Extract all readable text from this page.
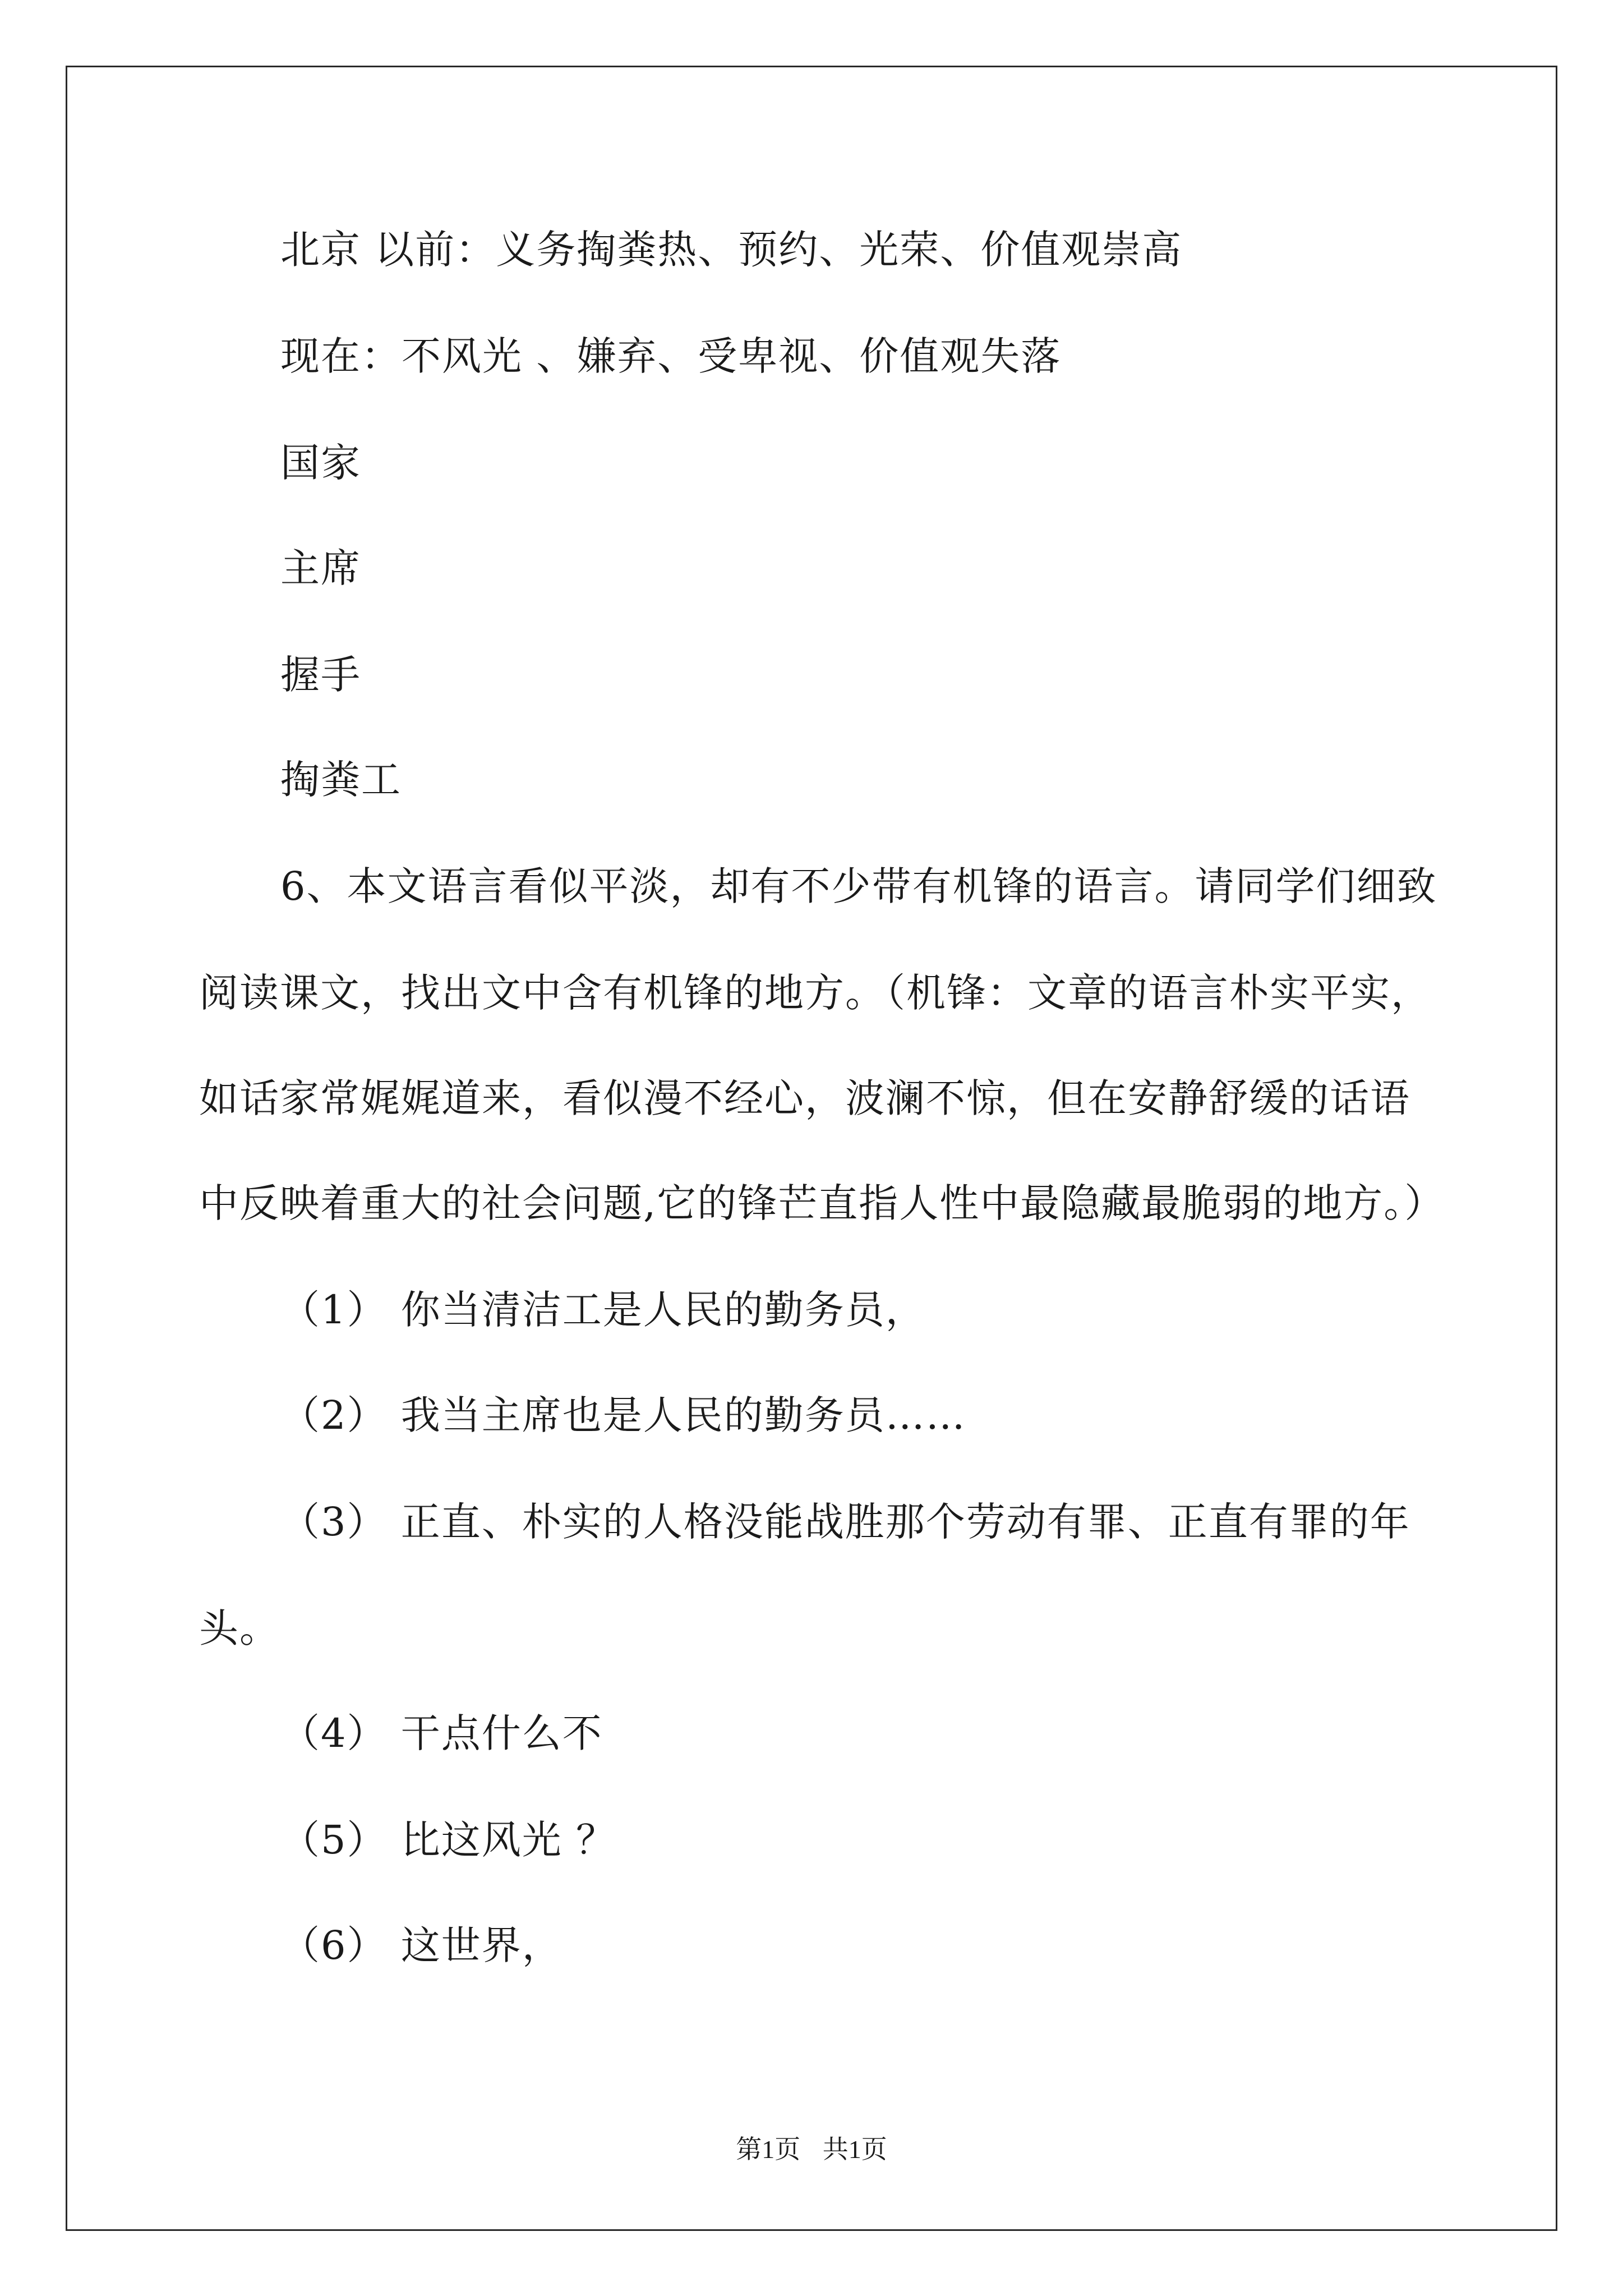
北京 以前：义务掏粪热、预约、光荣、价值观崇高
现在：不风光 、嫌弃、受卑视、价值观失落
国家
主席
握手
掏粪工
6、本文语言看似平淡，却有不少带有机锋的语言。请同学们细致
阅读课文，找出文中含有机锋的地方。（机锋：文章的语言朴实平实，
如话家常娓娓道来，看似漫不经心，波澜不惊，但在安静舒缓的话语
中反映着重大的社会问题,它的锋芒直指人性中最隐藏最脆弱的地方。）
（1） 你当清洁工是人民的勤务员，
（2） 我当主席也是人民的勤务员……
（3） 正直、朴实的人格没能战胜那个劳动有罪、正直有罪的年
头。
（4） 干点什么不
（5） 比这风光 ？
（6） 这世界，
第1页 共1页
